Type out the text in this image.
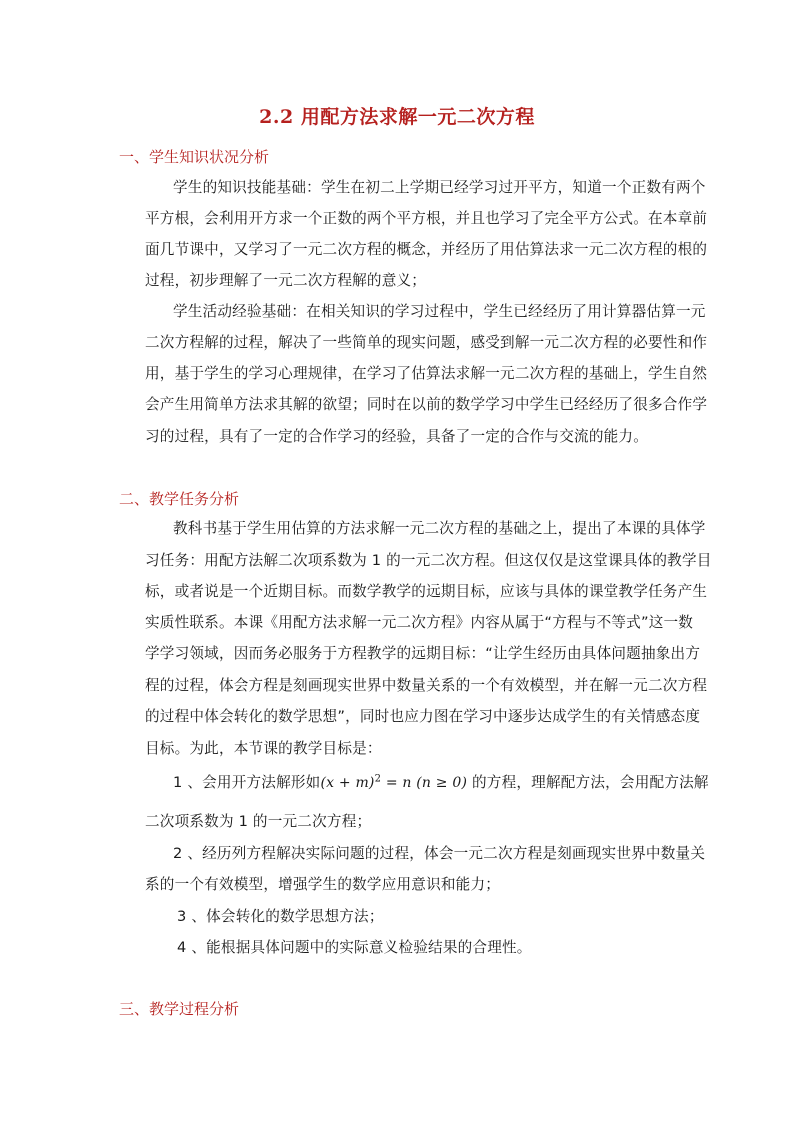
2.2 用配方法求解一元二次方程
一、学生知识状况分析
学生的知识技能基础：学生在初二上学期已经学习过开平方，知道一个正数有两个
平方根，会利用开方求一个正数的两个平方根，并且也学习了完全平方公式。在本章前
面几节课中，又学习了一元二次方程的概念，并经历了用估算法求一元二次方程的根的
过程，初步理解了一元二次方程解的意义；
学生活动经验基础：在相关知识的学习过程中，学生已经经历了用计算器估算一元
二次方程解的过程，解决了一些简单的现实问题，感受到解一元二次方程的必要性和作
用，基于学生的学习心理规律，在学习了估算法求解一元二次方程的基础上，学生自然
会产生用简单方法求其解的欲望；同时在以前的数学学习中学生已经经历了很多合作学
习的过程，具有了一定的合作学习的经验，具备了一定的合作与交流的能力。
二、教学任务分析
教科书基于学生用估算的方法求解一元二次方程的基础之上，提出了本课的具体学
习任务：用配方法解二次项系数为 1 的一元二次方程。但这仅仅是这堂课具体的教学目
标，或者说是一个近期目标。而数学教学的远期目标，应该与具体的课堂教学任务产生
实质性联系。本课《用配方法求解一元二次方程》内容从属于“方程与不等式”这一数
学学习领域，因而务必服务于方程教学的远期目标：“让学生经历由具体问题抽象出方
程的过程，体会方程是刻画现实世界中数量关系的一个有效模型，并在解一元二次方程
的过程中体会转化的数学思想”，同时也应力图在学习中逐步达成学生的有关情感态度
目标。为此，本节课的教学目标是：
1 、会用开方法解形如$(x + m)^2 = n$ (n ≥ 0) 的方程，理解配方法，会用配方法解
二次项系数为 1 的一元二次方程；
2 、经历列方程解决实际问题的过程，体会一元二次方程是刻画现实世界中数量关
系的一个有效模型，增强学生的数学应用意识和能力；
3 、体会转化的数学思想方法；
4 、能根据具体问题中的实际意义检验结果的合理性。
三、教学过程分析
